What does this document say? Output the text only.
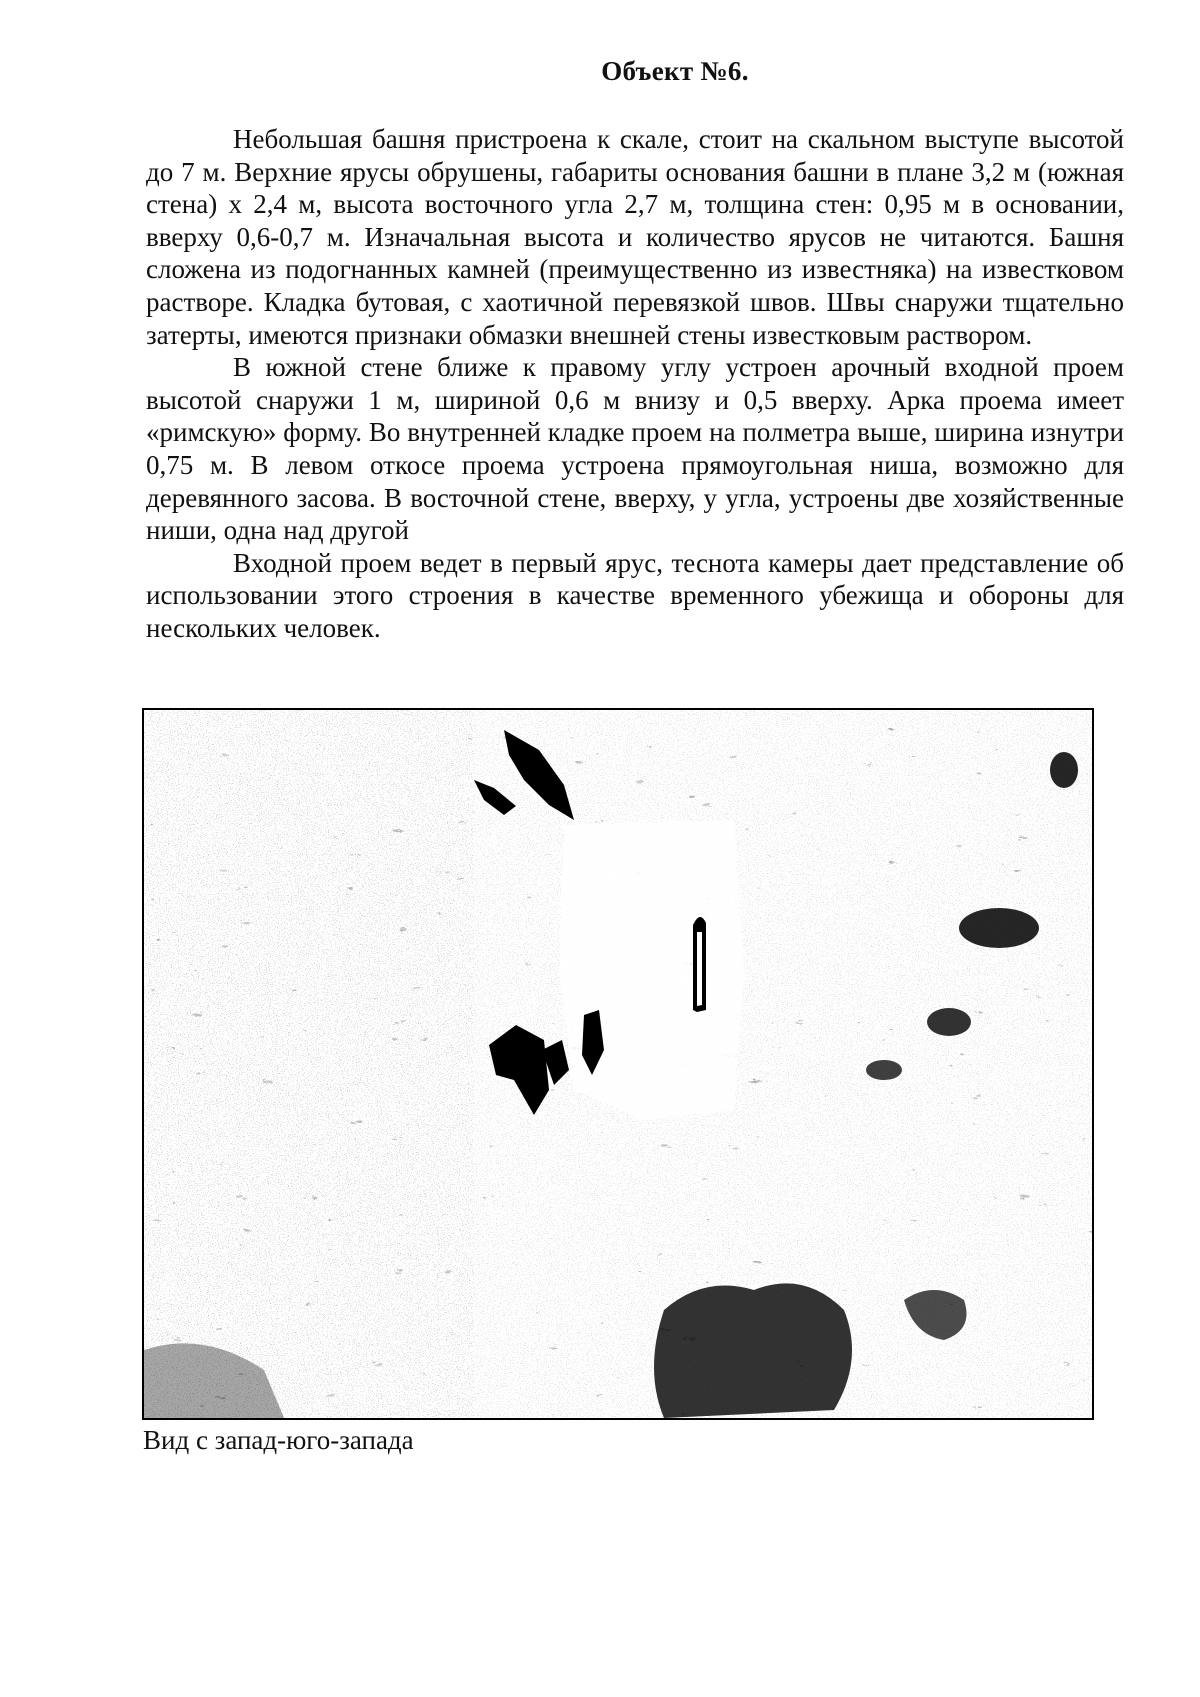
Объект №6.

Небольшая башня пристроена к скале, стоит на скальном выступе высотой до 7 м. Верхние ярусы обрушены, габариты основания башни в плане 3,2 м (южная стена) х 2,4 м, высота восточного угла 2,7 м, толщина стен: 0,95 м в основании, вверху 0,6-0,7 м. Изначальная высота и количество ярусов не читаются. Башня сложена из подогнанных камней (преимущественно из известняка) на известковом растворе. Кладка бутовая, с хаотичной перевязкой швов. Швы снаружи тщательно затерты, имеются признаки обмазки внешней стены известковым раствором.

В южной стене ближе к правому углу устроен арочный входной проем высотой снаружи 1 м, шириной 0,6 м внизу и 0,5 вверху. Арка проема имеет «римскую» форму. Во внутренней кладке проем на полметра выше, ширина изнутри 0,75 м. В левом откосе проема устроена прямоугольная ниша, возможно для деревянного засова. В восточной стене, вверху, у угла, устроены две хозяйственные ниши, одна над другой

Входной проем ведет в первый ярус, теснота камеры дает представление об использовании этого строения в качестве временного убежища и обороны для нескольких человек.

Вид с запад-юго-запада
